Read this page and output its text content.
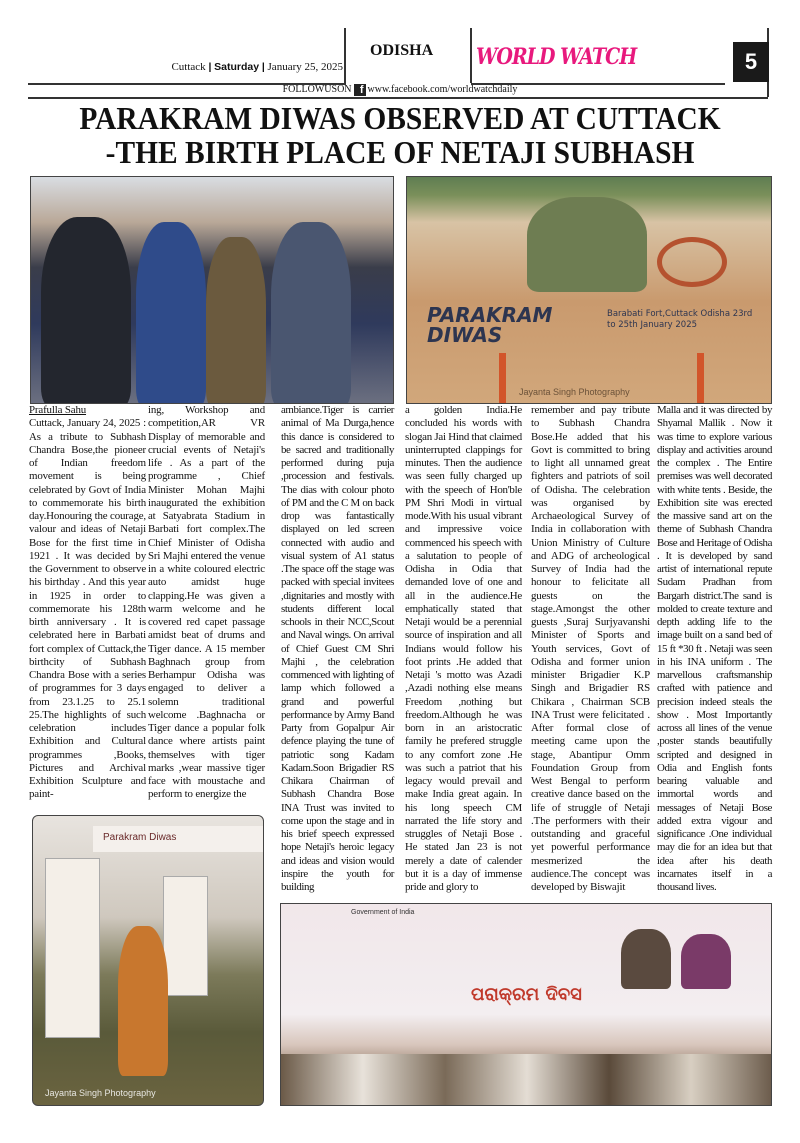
Cuttack | Saturday | January 25, 2025
ODISHA WORLD WATCH	5
FOLLOWUSON f www.facebook.com/worldwatchdaily
PARAKRAM DIWAS OBSERVED AT CUTTACK
-THE BIRTH PLACE OF NETAJI SUBHASH
PARAKRAM DIWAS
Barabati Fort,Cuttack Odisha 23rd to 25th January 2025
Jayanta Singh Photography
Parakram Diwas
Jayanta Singh Photography
Government of India
ପରାକ୍ରମ ଦିବସ
Prafulla Sahu
Cuttack, January 24, 2025 : As a tribute to Subhash Chandra Bose,the pioneer of Indian freedom movement is being celebrated by Govt of India to commemorate his birth day.Honouring the courage, valour and ideas of Netaji Bose for the first time in 1921 . It was decided by the Government to observe his birthday . And this year in 1925 in order to commemorate his 128th birth anniversary . It is celebrated here in Barbati fort complex of Cuttack,the birthcity of Subhash Chandra Bose with a series of programmes for 3 days from 23.1.25 to 25.1 25.The highlights of such celebration includes Exhibition and Cultural programmes ,Books, Pictures and Archival Exhibition Sculpture and paint-
ing, Workshop and competition,AR VR Display of memorable and crucial events of Netaji's life . As a part of the programme , Chief Minister Mohan Majhi inaugurated the exhibition at Satyabrata Stadium in Barbati fort complex.The Chief Minister of Odisha Sri Majhi entered the venue in a white coloured electric auto amidst huge clapping.He was given a warm welcome and he covered red capet passage amidst beat of drums and Tiger dance. A 15 member Baghnach group from Berhampur Odisha was engaged to deliver a solemn traditional welcome .Baghnacha or Tiger dance a popular folk dance where artists paint themselves with tiger marks ,wear massive tiger face with moustache and perform to energize the
ambiance.Tiger is carrier animal of Ma Durga,hence this dance is considered to be sacred and traditionally performed during puja ,procession and festivals. The dias with colour photo of PM and the C M on back drop was fantastically displayed on led screen connected with audio and visual system of A1 status .The space off the stage was packed with special invitees ,dignitaries and mostly with students different local schools in their NCC,Scout and Naval wings. On arrival of Chief Guest CM Shri Majhi , the celebration commenced with lighting of lamp which followed a grand and powerful performance by Army Band Party from Gopalpur Air defence playing the tune of patriotic song Kadam Kadam.Soon Brigadier RS Chikara Chairman of Subhash Chandra Bose INA Trust was invited to come upon the stage and in his brief speech expressed hope Netaji's heroic legacy and ideas and vision would inspire the youth for building
a golden India.He concluded his words with slogan Jai Hind that claimed uninterrupted clappings for minutes. Then the audience was seen fully charged up with the speech of Hon'ble PM Shri Modi in virtual mode.With his usual vibrant and impressive voice commenced his speech with a salutation to people of Odisha in Odia that demanded love of one and all in the audience.He emphatically stated that Netaji would be a perennial source of inspiration and all Indians would follow his foot prints .He added that Netaji 's motto was Azadi ,Azadi nothing else means Freedom ,nothing but freedom.Although he was born in an aristocratic family he prefered struggle to any comfort zone .He was such a patriot that his legacy would prevail and make India great again. In his long speech CM narrated the life story and struggles of Netaji Bose . He stated Jan 23 is not merely a date of calender but it is a day of immense pride and glory to
remember and pay tribute to Subhash Chandra Bose.He added that his Govt is committed to bring to light all unnamed great fighters and patriots of soil of Odisha. The celebration was organised by Archaeological Survey of India in collaboration with Union Ministry of Culture and ADG of archeological Survey of India had the honour to felicitate all guests on the stage.Amongst the other guests ,Suraj Surjyavanshi Minister of Sports and Youth services, Govt of Odisha and former union minister Brigadier K.P Singh and Brigadier RS Chikara , Chairman SCB INA Trust were felicitated . After formal close of meeting came upon the stage, Abantipur Omm Foundation Group from West Bengal to perform creative dance based on the life of struggle of Netaji .The performers with their outstanding and graceful yet powerful performance mesmerized the audience.The concept was developed by Biswajit
Malla and it was directed by Shyamal Mallik . Now it was time to explore various display and activities around the complex . The Entire premises was well decorated with white tents . Beside, the Exhibition site was erected the massive sand art on the theme of Subhash Chandra Bose and Heritage of Odisha . It is developed by sand artist of international repute Sudam Pradhan from Bargarh district.The sand is molded to create texture and depth adding life to the image built on a sand bed of 15 ft *30 ft . Netaji was seen in his INA uniform . The marvellous craftsmanship crafted with patience and precision indeed steals the show . Most Importantly across all lines of the venue ,poster stands beautifully scripted and designed in Odia and English fonts bearing valuable and immortal words and messages of Netaji Bose added extra vigour and significance .One individual may die for an idea but that idea after his death incarnates itself in a thousand lives.
